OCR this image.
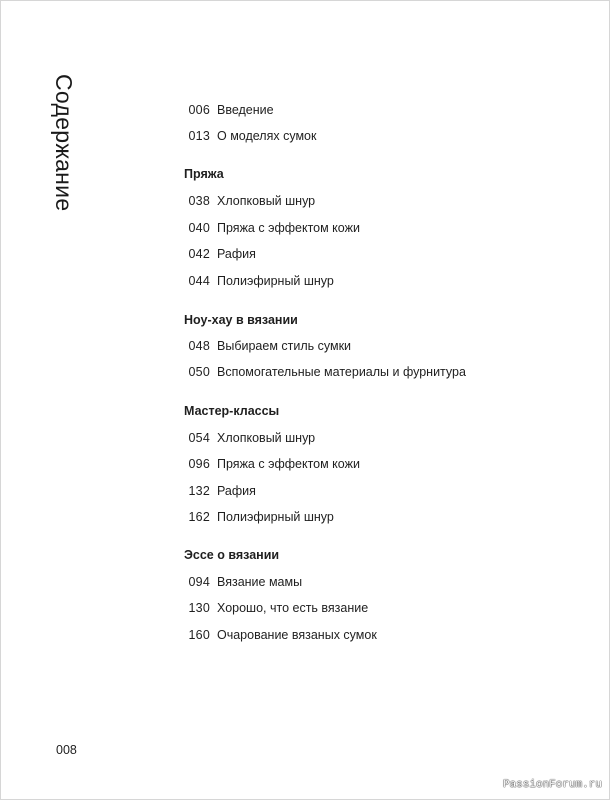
Содержание	006 Введение
013 О моделях сумок
Пряжа
038 Хлопковый шнур
040 Пряжа с эффектом кожи
042 Рафия
044 Полиэфирный шнур
Ноу-хау в вязании
048 Выбираем стиль сумки
050 Вспомогательные материалы и фурнитура
Мастер-классы
054 Хлопковый шнур
096 Пряжа с эффектом кожи
132 Рафия
162 Полиэфирный шнур
Эссе о вязании
094 Вязание мамы
130 Хорошо, что есть вязание
160 Очарование вязаных сумок
008
PassionForum.ru
